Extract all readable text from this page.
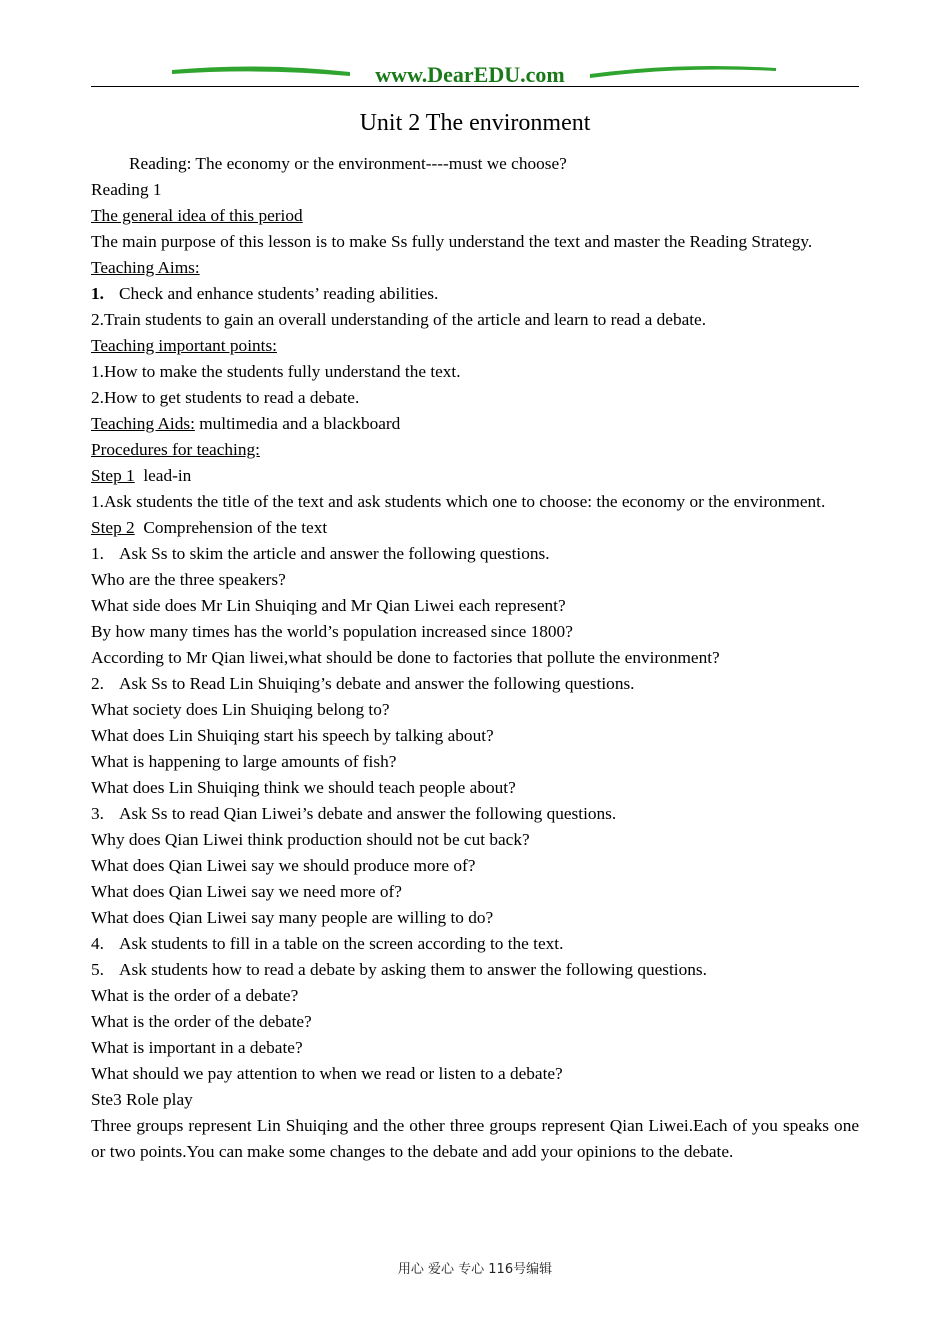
www.DearEDU.com
Unit 2 The environment
Reading: The economy or the environment----must we choose?
Reading 1
The general idea of this period
The main purpose of this lesson is to make Ss fully understand the text and master the Reading Strategy.
Teaching Aims:
1. Check and enhance students’ reading abilities.
2.Train students to gain an overall understanding of the article and learn to read a debate.
Teaching important points:
1.How to make the students fully understand the text.
2.How to get students to read a debate.
Teaching Aids: multimedia and a blackboard
Procedures for teaching:
Step 1  lead-in
1.Ask students the title of the text and ask students which one to choose: the economy or the environment.
Step 2  Comprehension of the text
1. Ask Ss to skim the article and answer the following questions.
Who are the three speakers?
What side does Mr Lin Shuiqing and Mr Qian Liwei each represent?
By how many times has the world’s population increased since 1800?
According to Mr Qian liwei,what should be done to factories that pollute the environment?
2. Ask Ss to Read Lin Shuiqing’s debate and answer the following questions.
What society does Lin Shuiqing belong to?
What does Lin Shuiqing start his speech by talking about?
What is happening to large amounts of fish?
What does Lin Shuiqing think we should teach people about?
3. Ask Ss to read Qian Liwei’s debate and answer the following questions.
Why does Qian Liwei think production should not be cut back?
What does Qian Liwei say we should produce more of?
What does Qian Liwei say we need more of?
What does Qian Liwei say many people are willing to do?
4. Ask students to fill in a table on the screen according to the text.
5. Ask students how to read a debate by asking them to answer the following questions.
What is the order of a debate?
What is the order of the debate?
What is important in a debate?
What should we pay attention to when we read or listen to a debate?
Ste3 Role play
Three groups represent Lin Shuiqing and the other three groups represent Qian Liwei.Each of you speaks one or two points.You can make some changes to the debate and add your opinions to the debate.
用心 爱心 专心 116号编辑
